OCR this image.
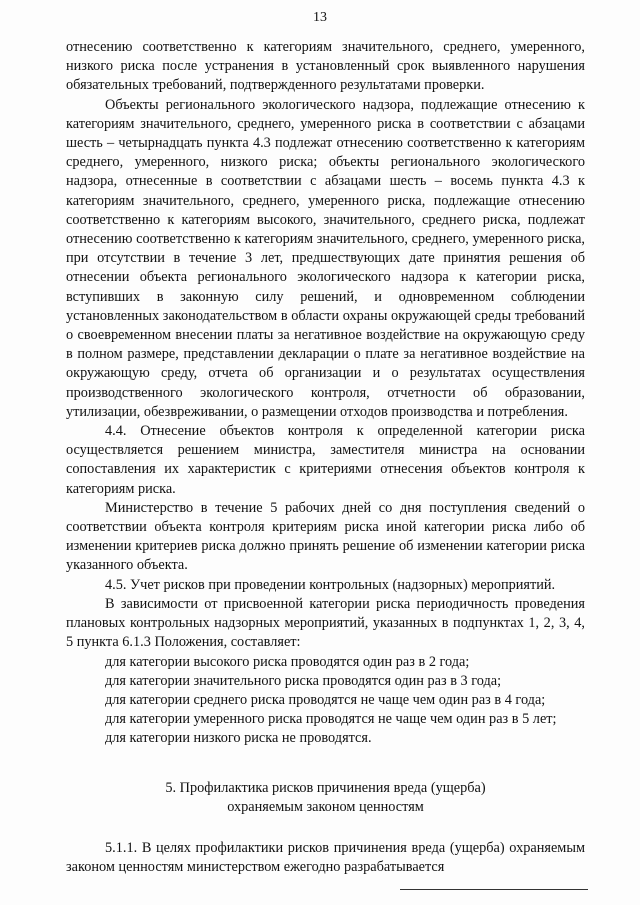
13

отнесению соответственно к категориям значительного, среднего, умеренного, низкого риска после устранения в установленный срок выявленного нарушения обязательных требований, подтвержденного результатами проверки.

Объекты регионального экологического надзора, подлежащие отнесению к категориям значительного, среднего, умеренного риска в соответствии с абзацами шесть – четырнадцать пункта 4.3 подлежат отнесению соответственно к категориям среднего, умеренного, низкого риска; объекты регионального экологического надзора, отнесенные в соответствии с абзацами шесть – восемь пункта 4.3 к категориям значительного, среднего, умеренного риска, подлежащие отнесению соответственно к категориям высокого, значительного, среднего риска, подлежат отнесению соответственно к категориям значительного, среднего, умеренного риска, при отсутствии в течение 3 лет, предшествующих дате принятия решения об отнесении объекта регионального экологического надзора к категории риска, вступивших в законную силу решений, и одновременном соблюдении установленных законодательством в области охраны окружающей среды требований о своевременном внесении платы за негативное воздействие на окружающую среду в полном размере, представлении декларации о плате за негативное воздействие на окружающую среду, отчета об организации и о результатах осуществления производственного экологического контроля, отчетности об образовании, утилизации, обезвреживании, о размещении отходов производства и потребления.

4.4. Отнесение объектов контроля к определенной категории риска осуществляется решением министра, заместителя министра на основании сопоставления их характеристик с критериями отнесения объектов контроля к категориям риска.

Министерство в течение 5 рабочих дней со дня поступления сведений о соответствии объекта контроля критериям риска иной категории риска либо об изменении критериев риска должно принять решение об изменении категории риска указанного объекта.

4.5. Учет рисков при проведении контрольных (надзорных) мероприятий.

В зависимости от присвоенной категории риска периодичность проведения плановых контрольных надзорных мероприятий, указанных в подпунктах 1, 2, 3, 4, 5 пункта 6.1.3 Положения, составляет:

для категории высокого риска проводятся один раз в 2 года;

для категории значительного риска проводятся один раз в 3 года;

для категории среднего риска проводятся не чаще чем один раз в 4 года;

для категории умеренного риска проводятся не чаще чем один раз в 5 лет;

для категории низкого риска не проводятся.

5. Профилактика рисков причинения вреда (ущерба)
охраняемым законом ценностям

5.1.1. В целях профилактики рисков причинения вреда (ущерба) охраняемым законом ценностям министерством ежегодно разрабатывается
